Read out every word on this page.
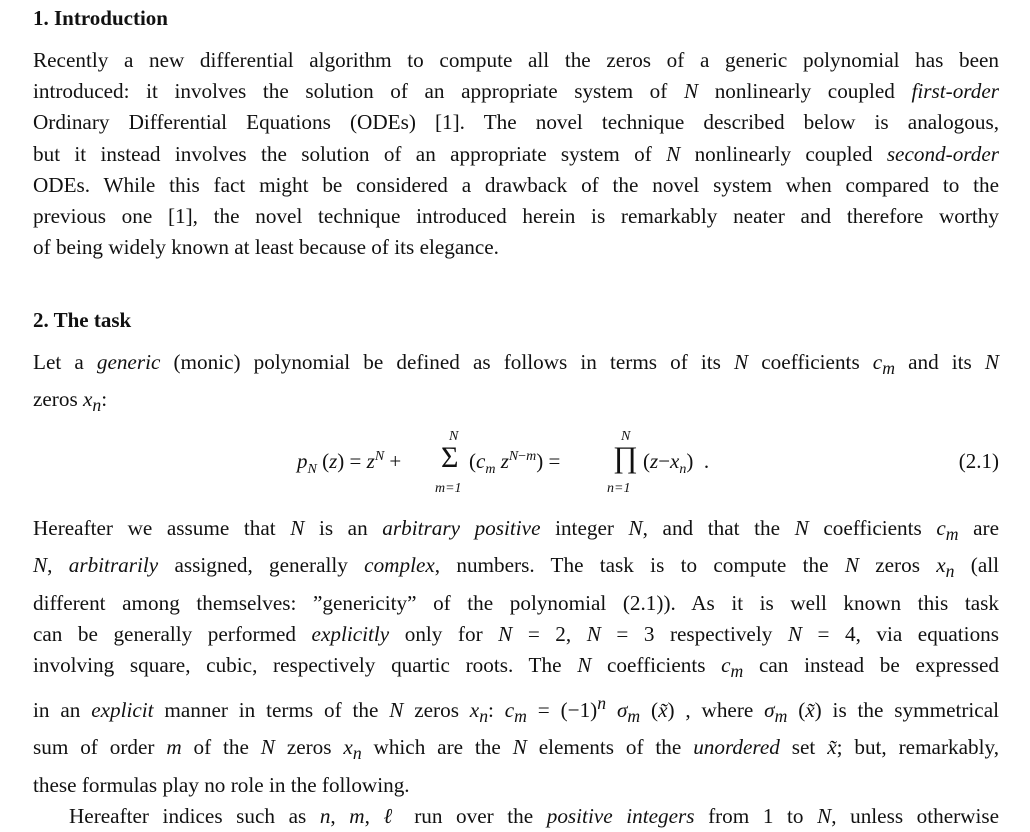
1. Introduction
Recently a new differential algorithm to compute all the zeros of a generic polynomial has been
introduced: it involves the solution of an appropriate system of N nonlinearly coupled first-order
Ordinary Differential Equations (ODEs) [1]. The novel technique described below is analogous,
but it instead involves the solution of an appropriate system of N nonlinearly coupled second-order
ODEs. While this fact might be considered a drawback of the novel system when compared to the
previous one [1], the novel technique introduced herein is remarkably neater and therefore worthy
of being widely known at least because of its elegance.
2. The task
Let a generic (monic) polynomial be defined as follows in terms of its N coefficients $c_m$ and its N
zeros $x_n$:
$p_N$ $(z) = z^N$ +
N
Σ
m=1
($c_m$ $z^{N-m}$) =
N
∏
n=1
$(z-x_n)$  .	(2.1)
Hereafter we assume that N is an arbitrary positive integer N, and that the N coefficients $c_m$ are
N, arbitrarily assigned, generally complex, numbers. The task is to compute the N zeros $x_n$ (all
different among themselves: ”genericity” of the polynomial (2.1)). As it is well known this task
can be generally performed explicitly only for N = 2, N = 3 respectively N = 4, via equations
involving square, cubic, respectively quartic roots. The N coefficients $c_m$ can instead be expressed
in an explicit manner in terms of the N zeros $x_n$: $c_m = (-1)^n$ $\sigma_m$ (x̃) , where $\sigma_m$ (x̃) is the symmetrical
sum of order m of the N zeros $x_n$ which are the N elements of the unordered set x̃; but, remarkably,
these formulas play no role in the following.
Hereafter indices such as n, m, ℓ run over the positive integers from 1 to N, unless otherwise
